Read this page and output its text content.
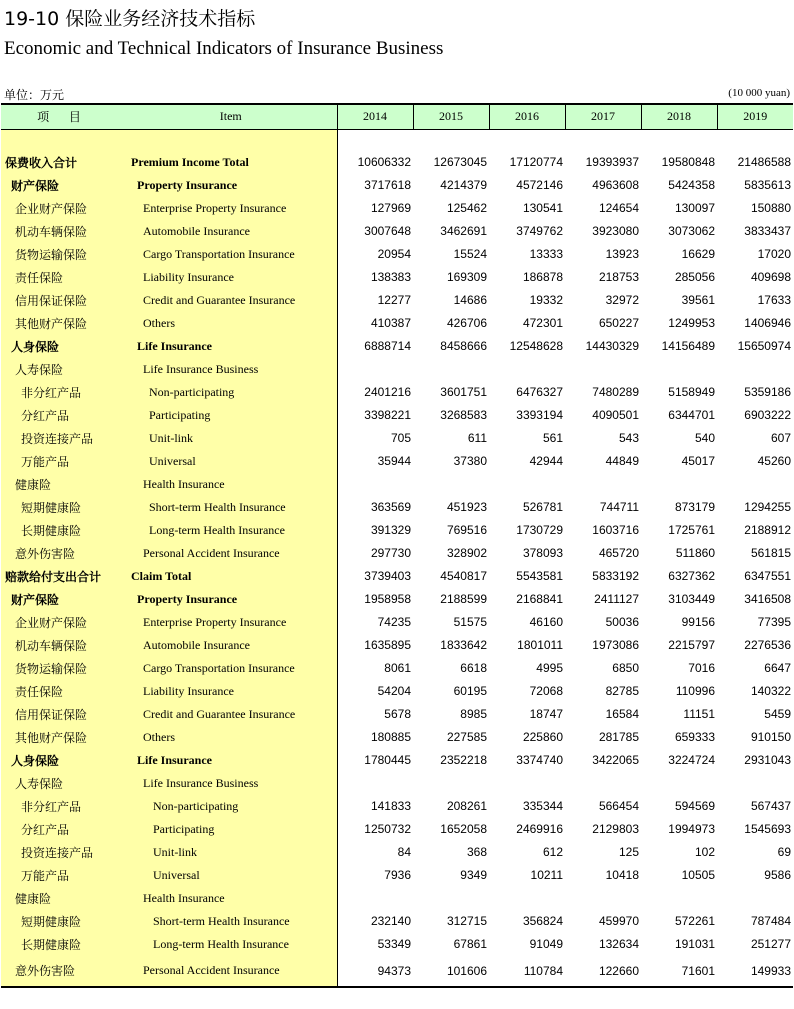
19-10 保险业务经济技术指标
Economic and Technical Indicators of Insurance Business
单位：万元	(10 000 yuan)
项 目	Item	2014	2015	2016	2017	2018	2019

保费收入合计	Premium Income Total	10606332	12673045	17120774	19393937	19580848	21486588
财产保险	Property Insurance	3717618	4214379	4572146	4963608	5424358	5835613
企业财产保险	Enterprise Property Insurance	127969	125462	130541	124654	130097	150880
机动车辆保险	Automobile Insurance	3007648	3462691	3749762	3923080	3073062	3833437
货物运输保险	Cargo Transportation Insurance	20954	15524	13333	13923	16629	17020
责任保险	Liability Insurance	138383	169309	186878	218753	285056	409698
信用保证保险	Credit and Guarantee Insurance	12277	14686	19332	32972	39561	17633
其他财产保险	Others	410387	426706	472301	650227	1249953	1406946
人身保险	Life Insurance	6888714	8458666	12548628	14430329	14156489	15650974
人寿保险	Life Insurance Business						
非分红产品	Non-participating	2401216	3601751	6476327	7480289	5158949	5359186
分红产品	Participating	3398221	3268583	3393194	4090501	6344701	6903222
投资连接产品	Unit-link	705	611	561	543	540	607
万能产品	Universal	35944	37380	42944	44849	45017	45260
健康险	Health Insurance						
短期健康险	Short-term Health Insurance	363569	451923	526781	744711	873179	1294255
长期健康险	Long-term Health Insurance	391329	769516	1730729	1603716	1725761	2188912
意外伤害险	Personal Accident Insurance	297730	328902	378093	465720	511860	561815
赔款给付支出合计	Claim Total	3739403	4540817	5543581	5833192	6327362	6347551
财产保险	Property Insurance	1958958	2188599	2168841	2411127	3103449	3416508
企业财产保险	Enterprise Property Insurance	74235	51575	46160	50036	99156	77395
机动车辆保险	Automobile Insurance	1635895	1833642	1801011	1973086	2215797	2276536
货物运输保险	Cargo Transportation Insurance	8061	6618	4995	6850	7016	6647
责任保险	Liability Insurance	54204	60195	72068	82785	110996	140322
信用保证保险	Credit and Guarantee Insurance	5678	8985	18747	16584	11151	5459
其他财产保险	Others	180885	227585	225860	281785	659333	910150
人身保险	Life Insurance	1780445	2352218	3374740	3422065	3224724	2931043
人寿保险	Life Insurance Business						
非分红产品	Non-participating	141833	208261	335344	566454	594569	567437
分红产品	Participating	1250732	1652058	2469916	2129803	1994973	1545693
投资连接产品	Unit-link	84	368	612	125	102	69
万能产品	Universal	7936	9349	10211	10418	10505	9586
健康险	Health Insurance						
短期健康险	Short-term Health Insurance	232140	312715	356824	459970	572261	787484
长期健康险	Long-term Health Insurance	53349	67861	91049	132634	191031	251277
意外伤害险	Personal Accident Insurance	94373	101606	110784	122660	71601	149933
